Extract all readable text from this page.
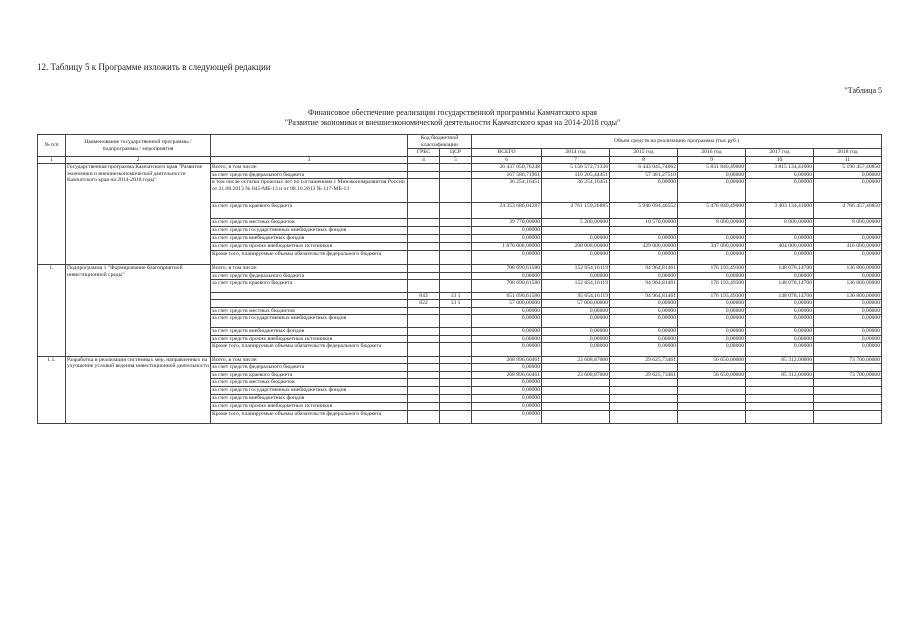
12. Таблицу 5 к Программе изложить в следующей редакции
"Таблица 5
Финансовое обеспечение реализации государственной программы Камчатского края
"Развитие экономики и внешнеэкономической деятельности Камчатского края на 2014-2018 годы"
№ п/п	Наименование государственной программы / подпрограммы / мероприятия		Код бюджетной классификации		Объем средств на реализацию программы (тыс.руб.)					
			ГРБС	ЦСР	ВСЕГО	2014 год	2015 год	2016 год	2017 год	2018 год
1	2	3	4	5	6	7	8	9	10	11
	Государственная программа Камчатского края "Развитие экономики и внешнеэкономической деятельности Камчатского края на 2014-2018 годы"	Всего, в том числе:			26 437 050,76248	5 156 572,71336	6 443 045,74062	5 831 840,49000	3 815 134,41000	5 190 457,40850
		за счет средств федерального бюджета			167 586,71961	110 205,44451	57 381,27510	0,00000	0,00000	0,00000
		в том числе остатки прошлых лет по соглашениям с Минэкономразвития России от 21.08.2013 № 045-МБ-13 и от 08.10.2013 № 117-МБ-13			36 254,16451	36 254,16451	0,00000	0,00000	0,00000	0,00000
		за счет средств краевого бюджета			24 353 686,04287	4 761 159,26885	5 946 094,46552	5 476 840,49000	3 403 134,41000	4 766 457,40850
		за счет средств местных бюджетов			39 770,00000	5 200,00000	10 570,00000	8 000,00000	8 000,00000	8 000,00000
		за счет средств государственных внебюджетных фондов			0,00000					
		за счет средств внебюджетных фондов			0,00000	0,00000	0,00000	0,00000	0,00000	0,00000
		за счет средств прочих внебюджетных источников			1 876 008,00000	280 008,00000	429 000,00000	347 000,00000	404 000,00000	416 000,00000
		Кроме того, планируемые объемы обязательств федерального бюджета			0,00000	0,00000	0,00000	0,00000	0,00000	0,00000
1.	Подпрограмма 1 "Формирование благоприятной инвестиционной среды"	Всего, в том числе:			708 690,61580	152 654,16119	94 964,81461	176 193,49300	148 078,14700	136 800,00000
		за счет средств федерального бюджета			0,00000	0,00000	0,00000	0,00000	0,00000	0,00000
		за счет средств краевого бюджета			708 690,61580	152 654,16119	94 964,81461	176 193,49300	148 078,14700	136 800,00000
			843	13 1	651 690,61580	95 654,16119	94 964,81461	176 193,49300	148 078,14700	136 800,00000
			822	13 1	57 000,00000	57 000,00000	0,00000	0,00000	0,00000	0,00000
		за счет средств местных бюджетов			0,00000	0,00000	0,00000	0,00000	0,00000	0,00000
		за счет средств государственных внебюджетных фондов			0,00000	0,00000	0,00000	0,00000	0,00000	0,00000
		за счет средств внебюджетных фондов			0,00000	0,00000	0,00000	0,00000	0,00000	0,00000
		за счет средств прочих внебюджетных источников			0,00000	0,00000	0,00000	0,00000	0,00000	0,00000
		Кроме того, планируемые объемы обязательств федерального бюджета			0,00000	0,00000	0,00000	0,00000	0,00000	0,00000
1.1.	Разработка и реализация системных мер, направленных на улучшение условий ведения инвестиционной деятельности	Всего, в том числе:			268 896,60461	23 608,87000	29 625,73461	56 650,00000	85 312,00000	73 700,00000
		за счет средств федерального бюджета			0,00000					
		за счет средств краевого бюджета			268 896,60461	23 608,87000	29 625,73461	56 650,00000	85 312,00000	73 700,00000
		за счет средств местных бюджетов			0,00000					
		за счет средств государственных внебюджетных фондов			0,00000					
		за счет средств внебюджетных фондов			0,00000					
		за счет средств прочих внебюджетных источников			0,00000					
		Кроме того, планируемые объемы обязательств федерального бюджета			0,00000					
